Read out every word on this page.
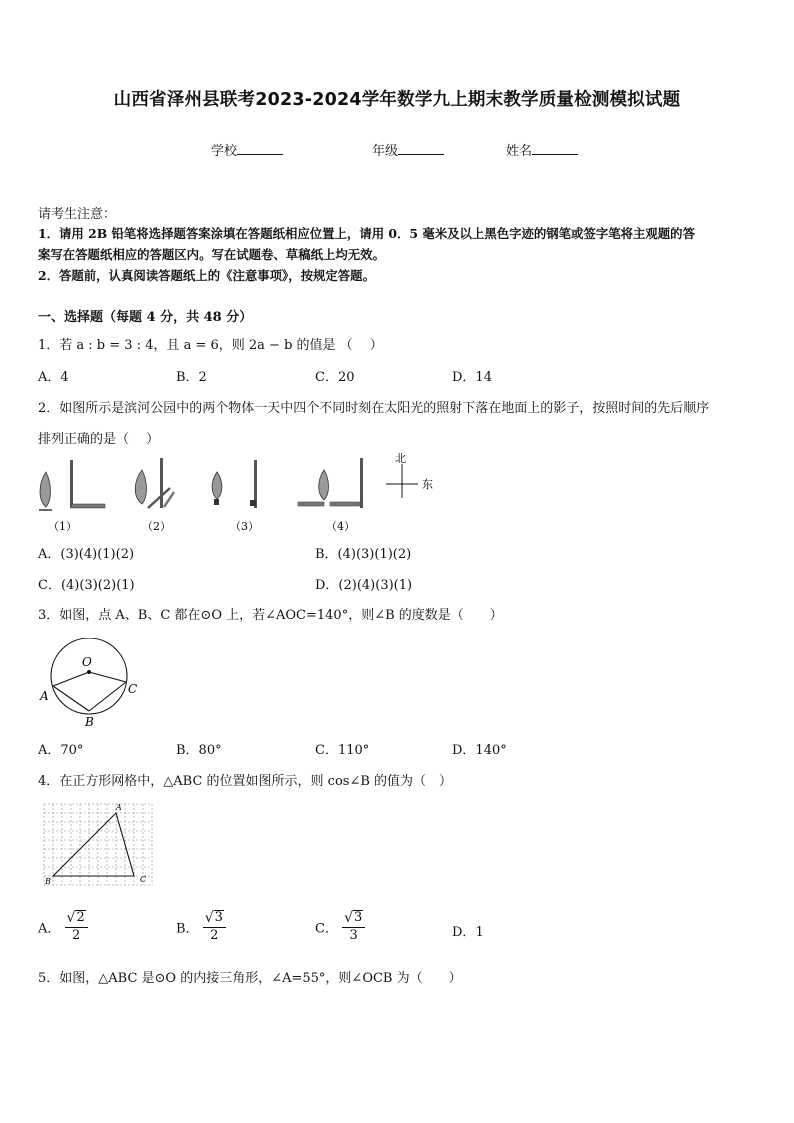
山西省泽州县联考2023-2024学年数学九上期末教学质量检测模拟试题
学校	年级	姓名
请考生注意：
1．请用 2B 铅笔将选择题答案涂填在答题纸相应位置上，请用 0．5 毫米及以上黑色字迹的钢笔或签字笔将主观题的答
案写在答题纸相应的答题区内。写在试题卷、草稿纸上均无效。
2．答题前，认真阅读答题纸上的《注意事项》，按规定答题。
一、选择题（每题 4 分，共 48 分）
1．若 a : b = 3 : 4，且 a = 6，则 2a − b 的值是 （　 ）
A．4	B．2	C．20	D．14
2．如图所示是滨河公园中的两个物体一天中四个不同时刻在太阳光的照射下落在地面上的影子，按照时间的先后顺序
排列正确的是（　 ）
（1）	（2）	（3）	（4）
北
东
A．(3)(4)(1)(2)	B．(4)(3)(1)(2)
C．(4)(3)(2)(1)	D．(2)(4)(3)(1)
3．如图，点 A、B、C 都在⊙O 上，若∠AOC=140°，则∠B 的度数是（　　）
O
A	C
B
A．70°	B．80°	C．110°	D．140°
4．在正方形网格中，△ABC 的位置如图所示，则 cos∠B 的值为（　）
A
B	C
A． $\frac{√ 2}{2}$	B． $\frac{√ 3}{2}$	C． $\frac{√ 3}{3}$	D．1
5．如图，△ABC 是⊙O 的内接三角形，∠A=55°，则∠OCB 为（　　）
